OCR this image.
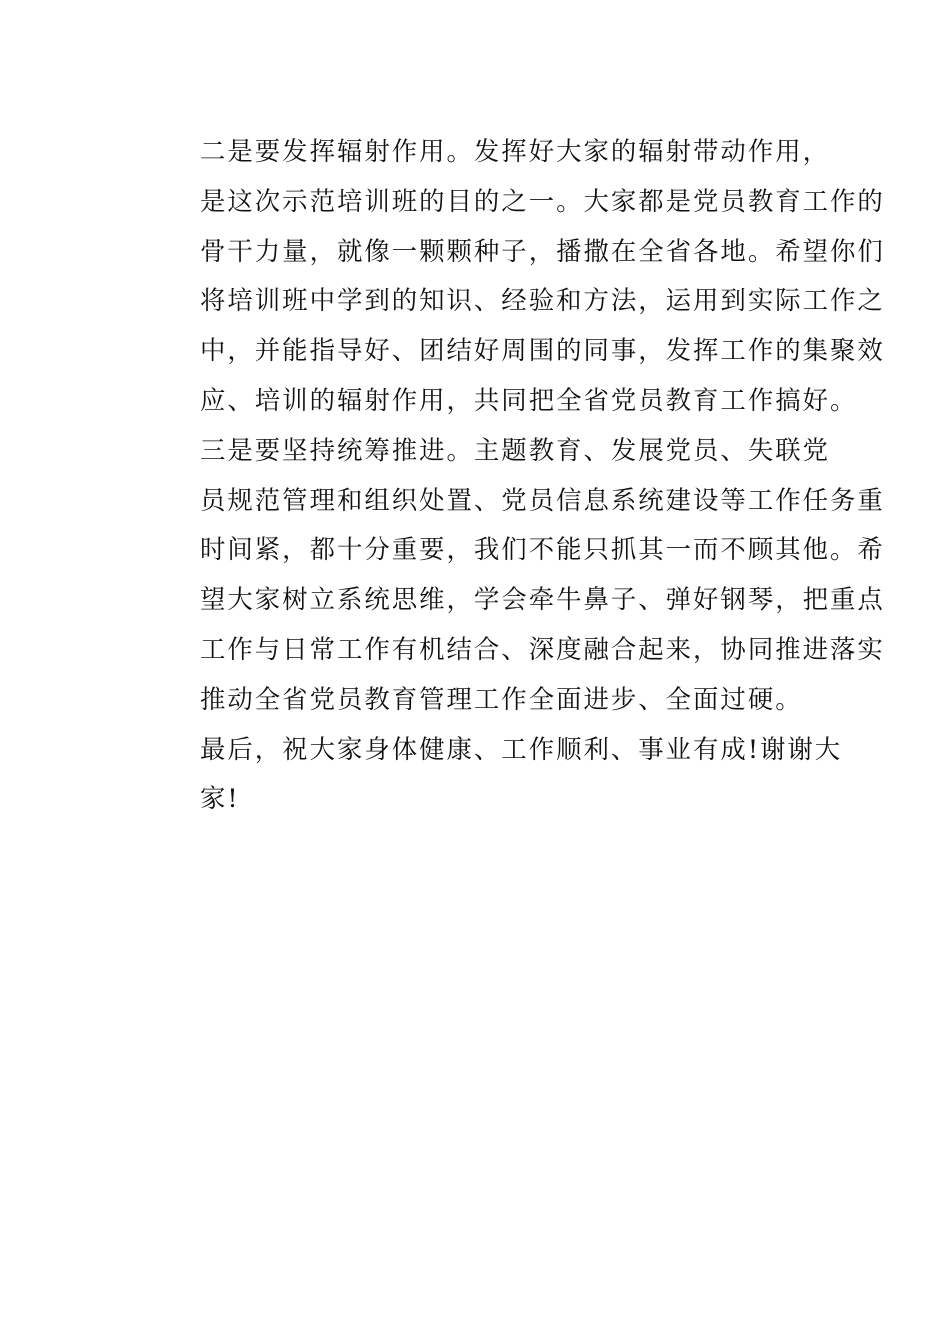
二是要发挥辐射作用。发挥好大家的辐射带动作用，
是这次示范培训班的目的之一。大家都是党员教育工作的
骨干力量，就像一颗颗种子，播撒在全省各地。希望你们
将培训班中学到的知识、经验和方法，运用到实际工作之
中，并能指导好、团结好周围的同事，发挥工作的集聚效
应、培训的辐射作用，共同把全省党员教育工作搞好。

三是要坚持统筹推进。主题教育、发展党员、失联党
员规范管理和组织处置、党员信息系统建设等工作任务重
时间紧，都十分重要，我们不能只抓其一而不顾其他。希
望大家树立系统思维，学会牵牛鼻子、弹好钢琴，把重点
工作与日常工作有机结合、深度融合起来，协同推进落实
推动全省党员教育管理工作全面进步、全面过硬。

最后，祝大家身体健康、工作顺利、事业有成!谢谢大
家!
